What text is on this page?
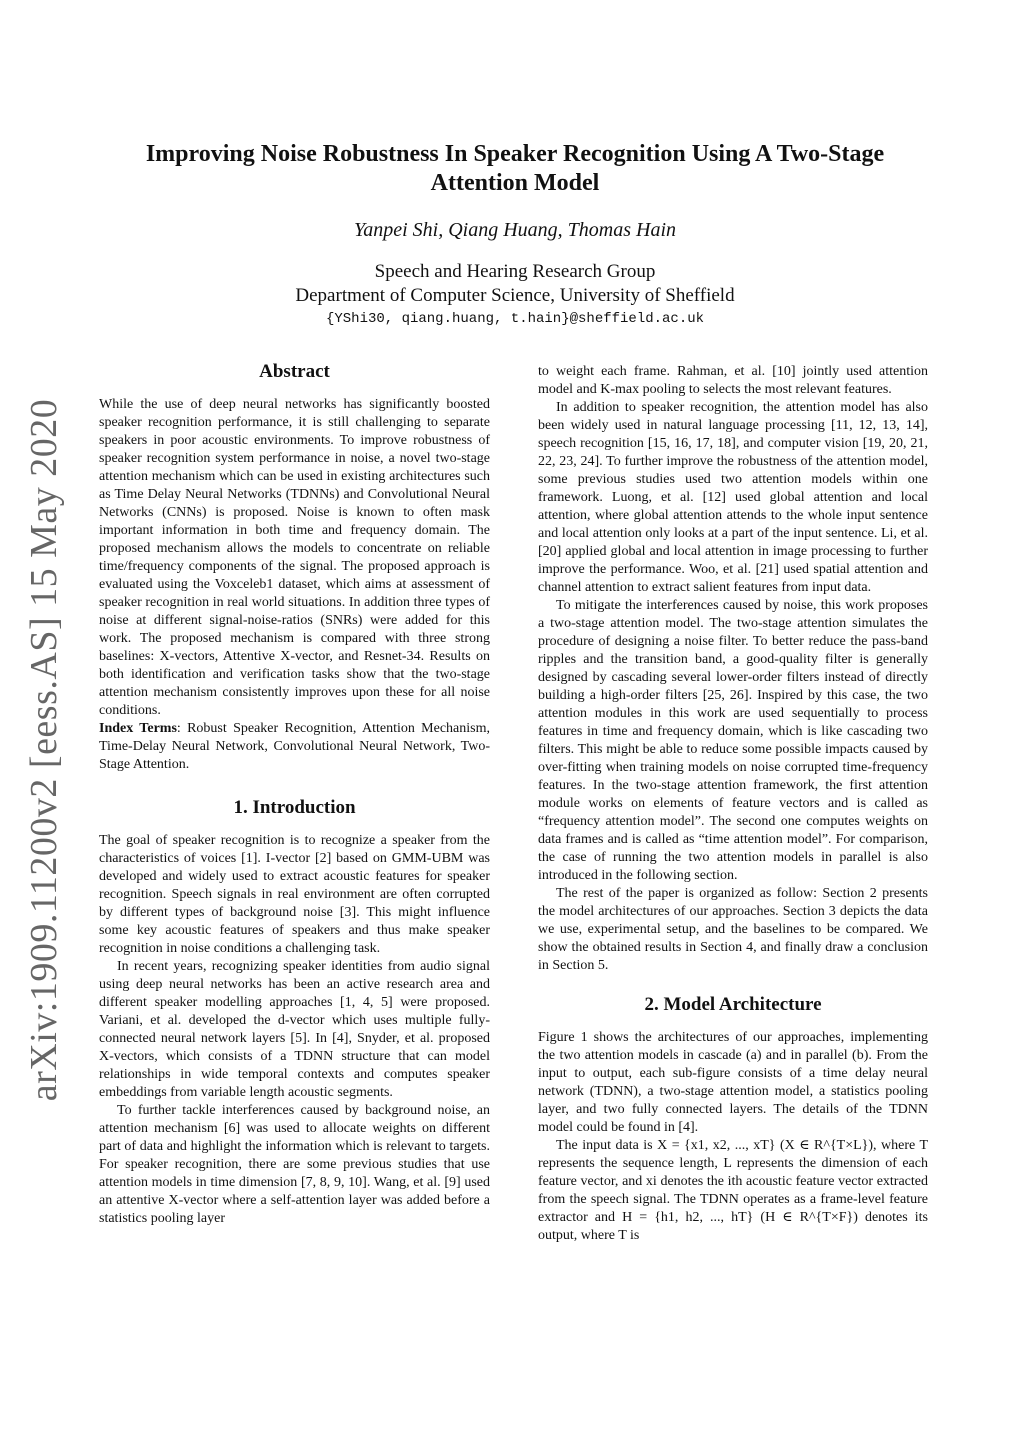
arXiv:1909.11200v2 [eess.AS] 15 May 2020
Improving Noise Robustness In Speaker Recognition Using A Two-Stage Attention Model
Yanpei Shi, Qiang Huang, Thomas Hain
Speech and Hearing Research Group
Department of Computer Science, University of Sheffield
{YShi30, qiang.huang, t.hain}@sheffield.ac.uk
Abstract

While the use of deep neural networks has significantly boosted speaker recognition performance, it is still challenging to separate speakers in poor acoustic environments. To improve robustness of speaker recognition system performance in noise, a novel two-stage attention mechanism which can be used in existing architectures such as Time Delay Neural Networks (TDNNs) and Convolutional Neural Networks (CNNs) is proposed. Noise is known to often mask important information in both time and frequency domain. The proposed mechanism allows the models to concentrate on reliable time/frequency components of the signal. The proposed approach is evaluated using the Voxceleb1 dataset, which aims at assessment of speaker recognition in real world situations. In addition three types of noise at different signal-noise-ratios (SNRs) were added for this work. The proposed mechanism is compared with three strong baselines: X-vectors, Attentive X-vector, and Resnet-34. Results on both identification and verification tasks show that the two-stage attention mechanism consistently improves upon these for all noise conditions.

Index Terms: Robust Speaker Recognition, Attention Mechanism, Time-Delay Neural Network, Convolutional Neural Network, Two-Stage Attention.

1. Introduction

The goal of speaker recognition is to recognize a speaker from the characteristics of voices [1]. I-vector [2] based on GMM-UBM was developed and widely used to extract acoustic features for speaker recognition. Speech signals in real environment are often corrupted by different types of background noise [3]. This might influence some key acoustic features of speakers and thus make speaker recognition in noise conditions a challenging task.

In recent years, recognizing speaker identities from audio signal using deep neural networks has been an active research area and different speaker modelling approaches [1, 4, 5] were proposed. Variani, et al. developed the d-vector which uses multiple fully-connected neural network layers [5]. In [4], Snyder, et al. proposed X-vectors, which consists of a TDNN structure that can model relationships in wide temporal contexts and computes speaker embeddings from variable length acoustic segments.

To further tackle interferences caused by background noise, an attention mechanism [6] was used to allocate weights on different part of data and highlight the information which is relevant to targets. For speaker recognition, there are some previous studies that use attention models in time dimension [7, 8, 9, 10]. Wang, et al. [9] used an attentive X-vector where a self-attention layer was added before a statistics pooling layer

to weight each frame. Rahman, et al. [10] jointly used attention model and K-max pooling to selects the most relevant features.

In addition to speaker recognition, the attention model has also been widely used in natural language processing [11, 12, 13, 14], speech recognition [15, 16, 17, 18], and computer vision [19, 20, 21, 22, 23, 24]. To further improve the robustness of the attention model, some previous studies used two attention models within one framework. Luong, et al. [12] used global attention and local attention, where global attention attends to the whole input sentence and local attention only looks at a part of the input sentence. Li, et al. [20] applied global and local attention in image processing to further improve the performance. Woo, et al. [21] used spatial attention and channel attention to extract salient features from input data.

To mitigate the interferences caused by noise, this work proposes a two-stage attention model. The two-stage attention simulates the procedure of designing a noise filter. To better reduce the pass-band ripples and the transition band, a good-quality filter is generally designed by cascading several lower-order filters instead of directly building a high-order filters [25, 26]. Inspired by this case, the two attention modules in this work are used sequentially to process features in time and frequency domain, which is like cascading two filters. This might be able to reduce some possible impacts caused by over-fitting when training models on noise corrupted time-frequency features. In the two-stage attention framework, the first attention module works on elements of feature vectors and is called as “frequency attention model”. The second one computes weights on data frames and is called as “time attention model”. For comparison, the case of running the two attention models in parallel is also introduced in the following section.

The rest of the paper is organized as follow: Section 2 presents the model architectures of our approaches. Section 3 depicts the data we use, experimental setup, and the baselines to be compared. We show the obtained results in Section 4, and finally draw a conclusion in Section 5.

2. Model Architecture

Figure 1 shows the architectures of our approaches, implementing the two attention models in cascade (a) and in parallel (b). From the input to output, each sub-figure consists of a time delay neural network (TDNN), a two-stage attention model, a statistics pooling layer, and two fully connected layers. The details of the TDNN model could be found in [4].

The input data is X = {x1, x2, ..., xT} (X ∈ R^{T×L}), where T represents the sequence length, L represents the dimension of each feature vector, and xi denotes the ith acoustic feature vector extracted from the speech signal. The TDNN operates as a frame-level feature extractor and H = {h1, h2, ..., hT} (H ∈ R^{T×F}) denotes its output, where T is
